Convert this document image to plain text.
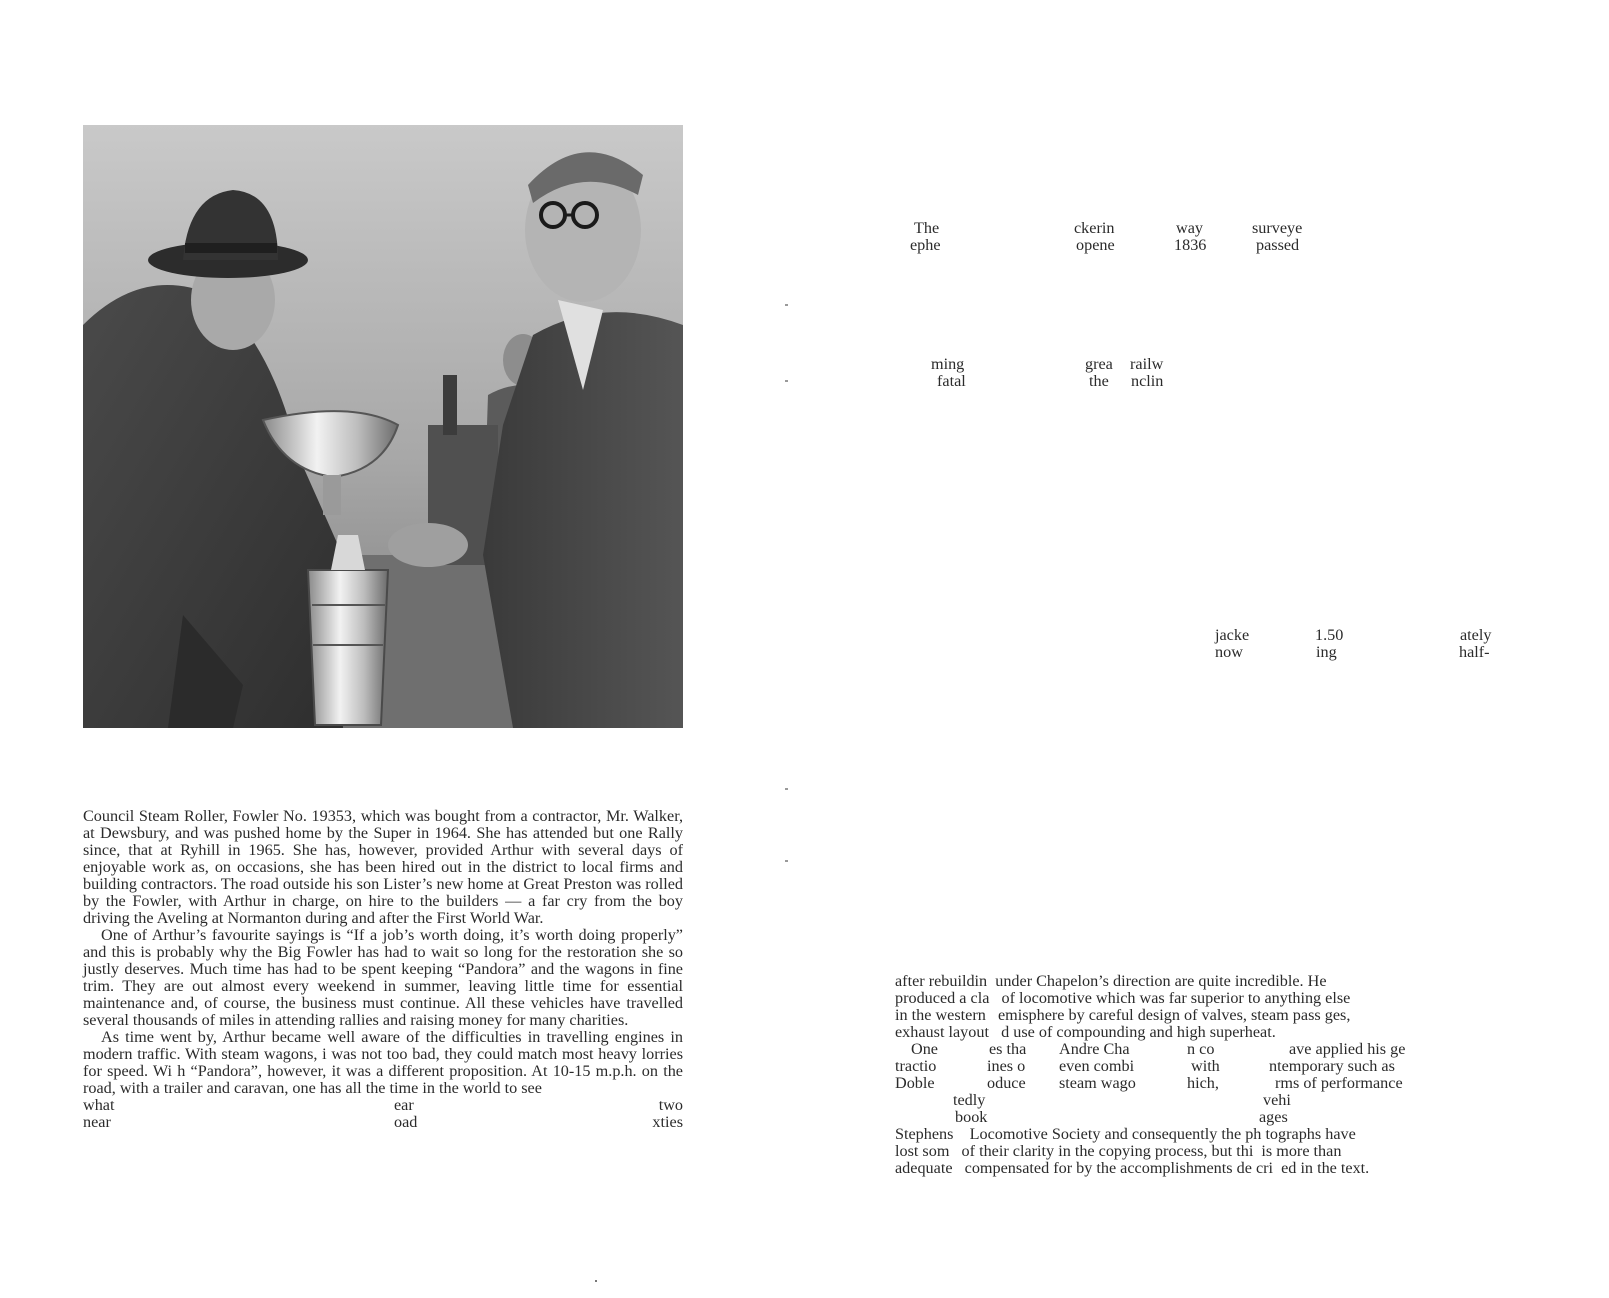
Council Steam Roller, Fowler No. 19353, which was bought from a contractor, Mr. Walker, at Dewsbury, and was pushed home by the Super in 1964. She has attended but one Rally since, that at Ryhill in 1965. She has, however, provided Arthur with several days of enjoyable work as, on occasions, she has been hired out in the district to local firms and building contractors. The road outside his son Lister’s new home at Great Preston was rolled by the Fowler, with Arthur in charge, on hire to the builders — a far cry from the boy driving the Aveling at Normanton during and after the First World War.

One of Arthur’s favourite sayings is “If a job’s worth doing, it’s worth doing properly” and this is probably why the Big Fowler has had to wait so long for the restoration she so justly deserves. Much time has had to be spent keeping “Pandora” and the wagons in fine trim. They are out almost every weekend in summer, leaving little time for essential maintenance and, of course, the business must continue. All these vehicles have travelled several thousands of miles in attending rallies and raising money for many charities.

As time went by, Arthur became well aware of the difficulties in travelling engines in modern traffic. With steam wagons, i was not too bad, they could match most heavy lorries for speed. Wi h “Pandora”, however, it was a different proposition. At 10-15 m.p.h. on the road, with a trailer and caravan, one has all the time in the world to see

what	ear	two
near	oad	xties
The	ckerin	way	surveye
ephe	opene	1836	passed
ming	grea railw
fatal	the nclin
jacke	1.50	ately
now	ing	half-
after rebuildin  under Chapelon’s direction are quite incredible. He
produced a cla   of locomotive which was far superior to anything else
in the western   emisphere by careful design of valves, steam pass ges,
exhaust layout   d use of compounding and high superheat.
One	es tha Andre Cha	n co	ave applied his ge
tractio	ines o even combi	with	ntemporary such as
Doble	oduce steam wago	hich,	rms of performance
tedly	vehi
book	ages
Stephens    Locomotive Society and consequently the ph tographs have
lost som   of their clarity in the copying process, but thi  is more than
adequate   compensated for by the accomplishments de cri  ed in the text.
